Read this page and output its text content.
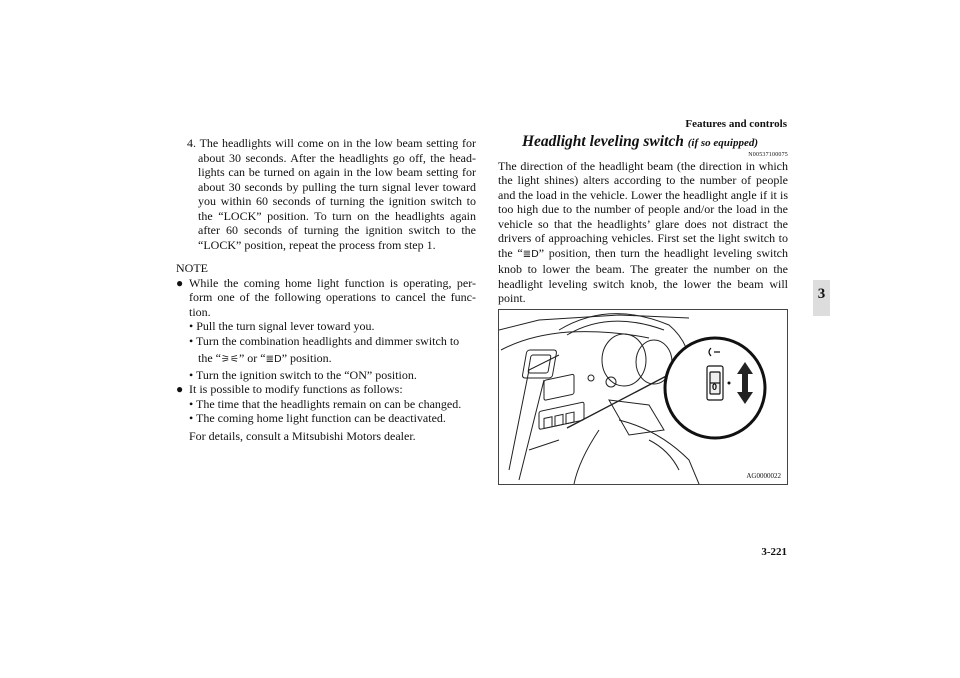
Features and controls
3
3-221
4. The headlights will come on in the low beam setting for about 30 seconds. After the headlights go off, the head- lights can be turned on again in the low beam setting for about 30 seconds by pulling the turn signal lever toward you within 60 seconds of turning the ignition switch to the “LOCK” position. To turn on the headlights again after 60 seconds of turning the ignition switch to the “LOCK” position, repeat the process from step 1.
NOTE
● While the coming home light function is operating, per- form one of the following operations to cancel the func- tion.
• Pull the turn signal lever toward you.
• Turn the combination headlights and dimmer switch to
the “⚞⚟” or “≣D” position.
• Turn the ignition switch to the “ON” position.
● It is possible to modify functions as follows:
• The time that the headlights remain on can be changed.
• The coming home light function can be deactivated.
For details, consult a Mitsubishi Motors dealer.
Headlight leveling switch (if so equipped)
N00537100075
The direction of the headlight beam (the direction in which the light shines) alters according to the number of people and the load in the vehicle. Lower the headlight angle if it is too high due to the number of people and/or the load in the vehicle so that the headlights’ glare does not distract the drivers of approaching vehicles. First set the light switch to the “≣D” position, then turn the headlight leveling switch knob to lower the beam. The greater the number on the headlight leveling switch knob, the lower the beam will point.
0
AG0000022
